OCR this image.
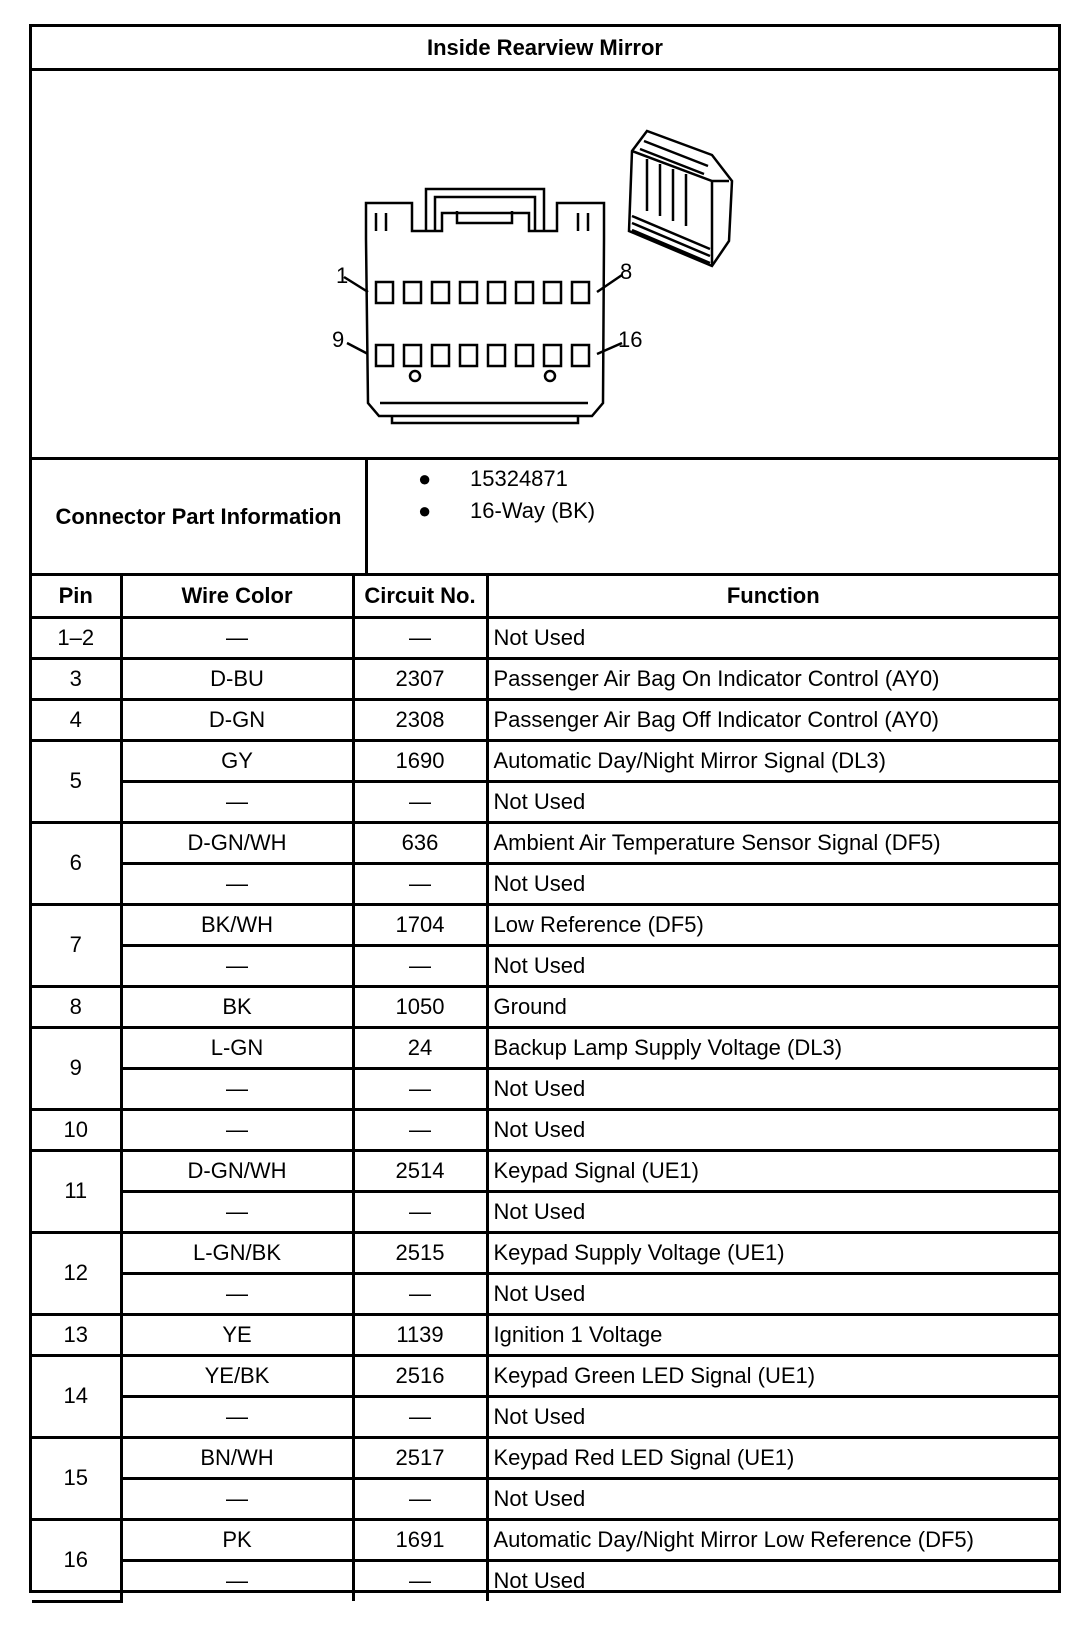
Inside Rearview Mirror
1	8
9	16
Connector Part Information
●	15324871
●	16-Way (BK)
Pin	Wire Color	Circuit No.	Function
1–2	—	—	Not Used
3	D-BU	2307	Passenger Air Bag On Indicator Control (AY0)
4	D-GN	2308	Passenger Air Bag Off Indicator Control (AY0)
5	GY	1690	Automatic Day/Night Mirror Signal (DL3)
	—	—	Not Used
6	D-GN/WH	636	Ambient Air Temperature Sensor Signal (DF5)
	—	—	Not Used
7	BK/WH	1704	Low Reference (DF5)
	—	—	Not Used
8	BK	1050	Ground
9	L-GN	24	Backup Lamp Supply Voltage (DL3)
	—	—	Not Used
10	—	—	Not Used
11	D-GN/WH	2514	Keypad Signal (UE1)
	—	—	Not Used
12	L-GN/BK	2515	Keypad Supply Voltage (UE1)
	—	—	Not Used
13	YE	1139	Ignition 1 Voltage
14	YE/BK	2516	Keypad Green LED Signal (UE1)
	—	—	Not Used
15	BN/WH	2517	Keypad Red LED Signal (UE1)
	—	—	Not Used
16	PK	1691	Automatic Day/Night Mirror Low Reference (DF5)
	—	—	Not Used
